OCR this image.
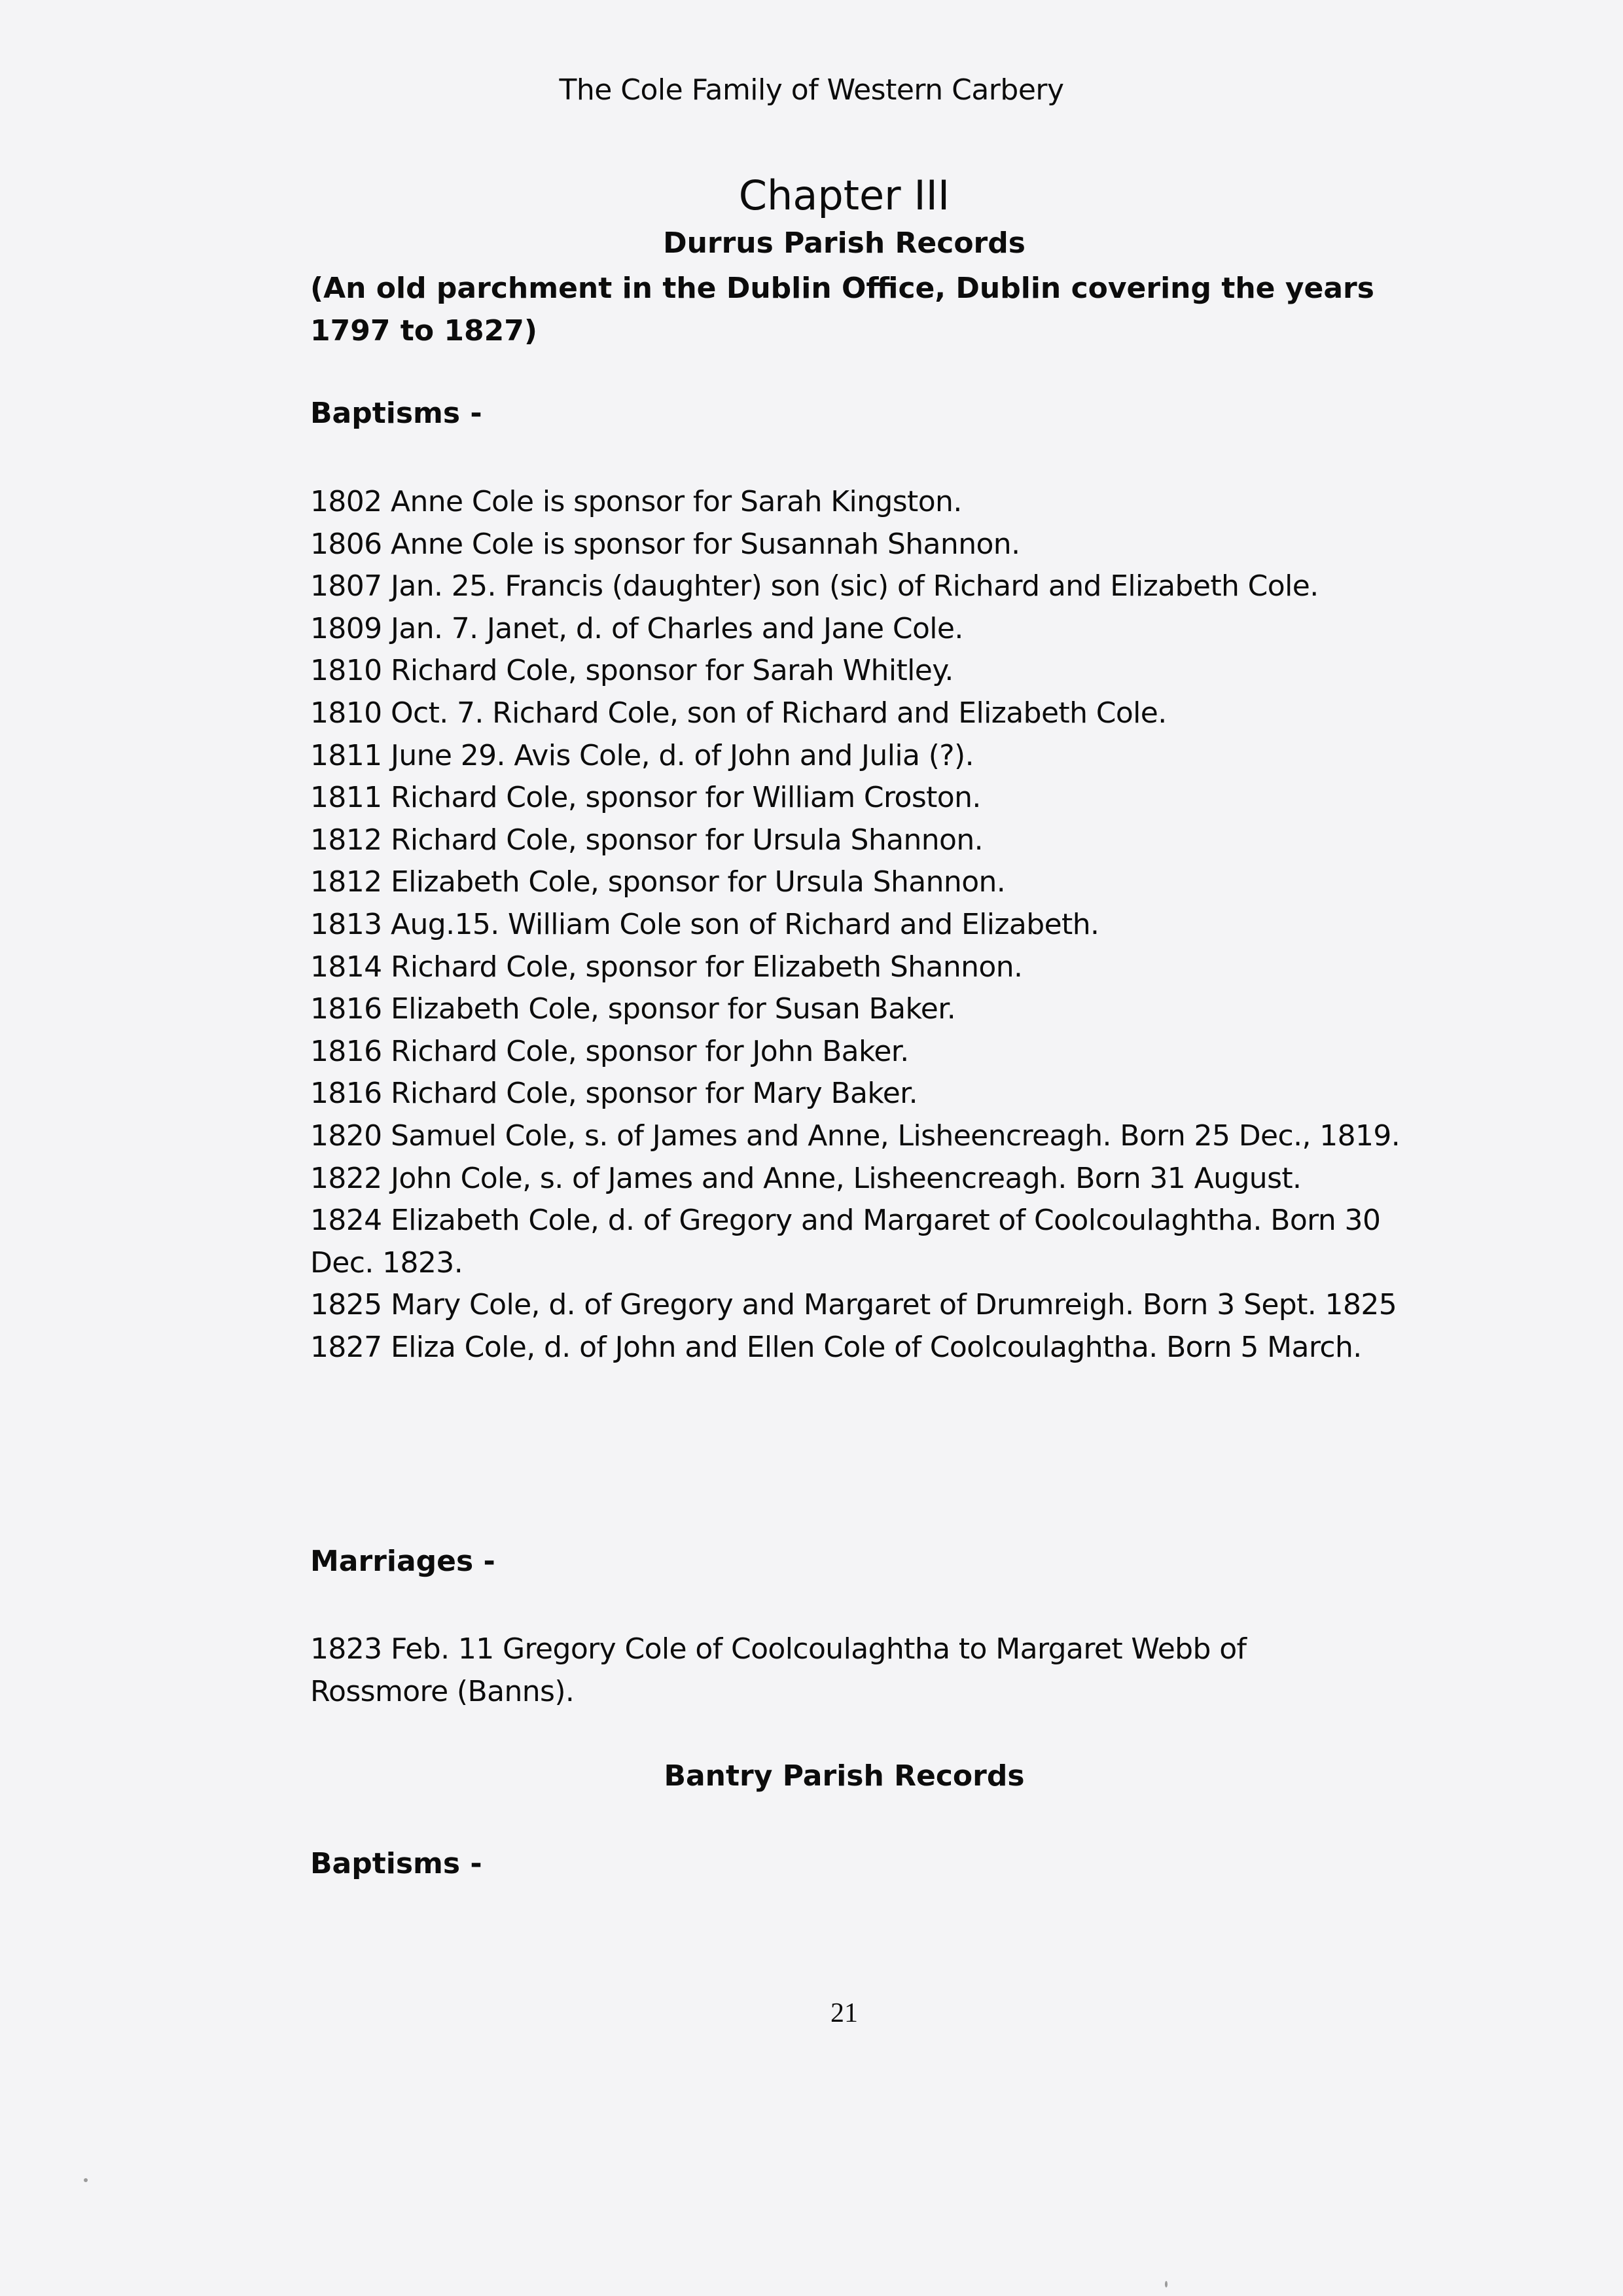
The Cole Family of Western Carbery
Chapter III
Durrus Parish Records
(An old parchment in the Dublin Office, Dublin covering the years 1797 to 1827)
Baptisms -

1802 Anne Cole is sponsor for Sarah Kingston.

1806 Anne Cole is sponsor for Susannah Shannon.

1807 Jan. 25. Francis (daughter) son (sic) of Richard and Elizabeth Cole.

1809 Jan. 7. Janet, d. of Charles and Jane Cole.

1810 Richard Cole, sponsor for Sarah Whitley.

1810 Oct. 7. Richard Cole, son of Richard and Elizabeth Cole.

1811 June 29. Avis Cole, d. of John and Julia (?).

1811 Richard Cole, sponsor for William Croston.

1812 Richard Cole, sponsor for Ursula Shannon.

1812 Elizabeth Cole, sponsor for Ursula Shannon.

1813 Aug.15. William Cole son of Richard and Elizabeth.

1814 Richard Cole, sponsor for Elizabeth Shannon.

1816 Elizabeth Cole, sponsor for Susan Baker.

1816 Richard Cole, sponsor for John Baker.

1816 Richard Cole, sponsor for Mary Baker.

1820 Samuel Cole, s. of James and Anne, Lisheencreagh. Born 25 Dec., 1819.

1822 John Cole, s. of James and Anne, Lisheencreagh. Born 31 August.

1824 Elizabeth Cole, d. of Gregory and Margaret of Coolcoulaghtha. Born 30 Dec. 1823.

1825 Mary Cole, d. of Gregory and Margaret of Drumreigh. Born 3 Sept. 1825

1827 Eliza Cole, d. of John and Ellen Cole of Coolcoulaghtha. Born 5 March.

Marriages -

1823 Feb. 11 Gregory Cole of Coolcoulaghtha to Margaret Webb of Rossmore (Banns).

Bantry Parish Records
Baptisms -
21
